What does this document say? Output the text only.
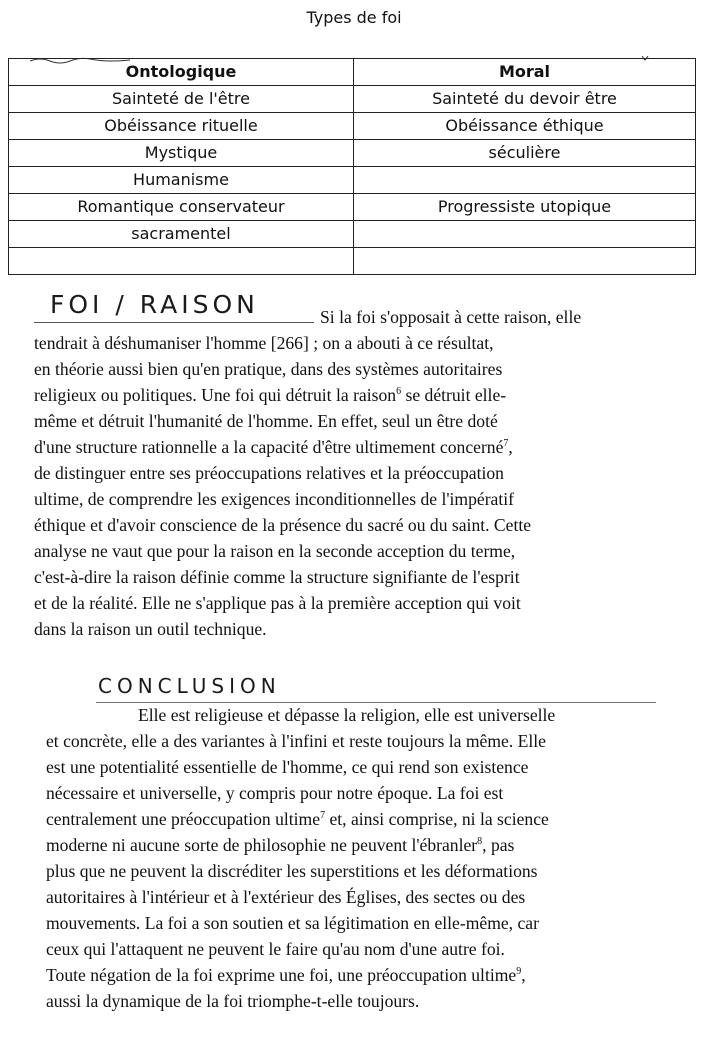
Types de foi
Ontologique	Moral
Sainteté de l'être	Sainteté du devoir être
Obéissance rituelle	Obéissance éthique
Mystique	séculière
Humanisme	
Romantique conservateur	Progressiste utopique
sacramentel	

FOI / RAISON	Si la foi s'opposait à cette raison, elle
tendrait à déshumaniser l'homme [266] ; on a abouti à ce résultat,
en théorie aussi bien qu'en pratique, dans des systèmes autoritaires
religieux ou politiques. Une foi qui détruit la raison$^6$ se détruit elle-
même et détruit l'humanité de l'homme. En effet, seul un être doté
d'une structure rationnelle a la capacité d'être ultimement concerné$^7$,
de distinguer entre ses préoccupations relatives et la préoccupation
ultime, de comprendre les exigences inconditionnelles de l'impératif
éthique et d'avoir conscience de la présence du sacré ou du saint. Cette
analyse ne vaut que pour la raison en la seconde acception du terme,
c'est-à-dire la raison définie comme la structure signifiante de l'esprit
et de la réalité. Elle ne s'applique pas à la première acception qui voit
dans la raison un outil technique.
CONCLUSION
Elle est religieuse et dépasse la religion, elle est universelle
et concrète, elle a des variantes à l'infini et reste toujours la même. Elle
est une potentialité essentielle de l'homme, ce qui rend son existence
nécessaire et universelle, y compris pour notre époque. La foi est
centralement une préoccupation ultime$^7$ et, ainsi comprise, ni la science
moderne ni aucune sorte de philosophie ne peuvent l'ébranler$^8$, pas
plus que ne peuvent la discréditer les superstitions et les déformations
autoritaires à l'intérieur et à l'extérieur des Églises, des sectes ou des
mouvements. La foi a son soutien et sa légitimation en elle-même, car
ceux qui l'attaquent ne peuvent le faire qu'au nom d'une autre foi.
Toute négation de la foi exprime une foi, une préoccupation ultime$^9$,
aussi la dynamique de la foi triomphe-t-elle toujours.
